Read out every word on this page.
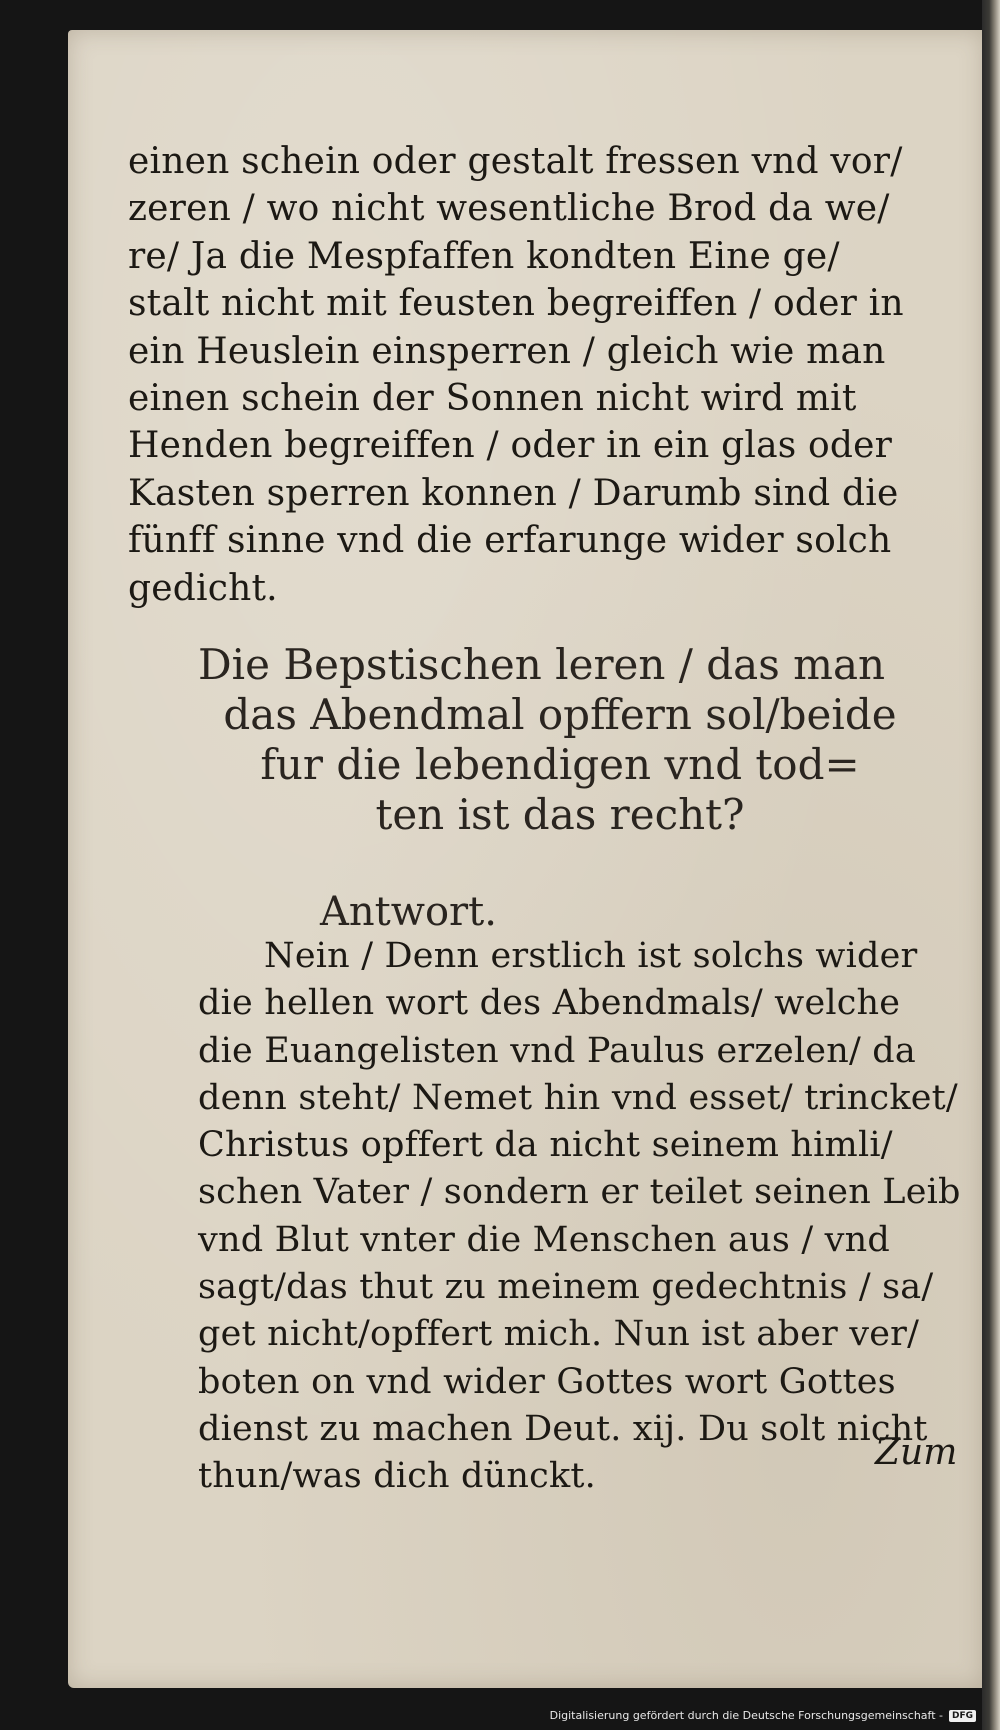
einen schein oder gestalt fressen vnd vor/
zeren / wo nicht wesentliche Brod da we/
re/ Ja die Mespfaffen kondten Eine ge/
stalt nicht mit feusten begreiffen / oder in
ein Heuslein einsperren / gleich wie man
einen schein der Sonnen nicht wird mit
Henden begreiffen / oder in ein glas oder
Kasten sperren konnen / Darumb sind die
fünff sinne vnd die erfarunge wider solch
gedicht.
Die Bepstischen leren / das man
das Abendmal opffern sol/beide
fur die lebendigen vnd tod=
ten ist das recht?
Antwort.
Nein / Denn erstlich ist solchs wider
die hellen wort des Abendmals/ welche
die Euangelisten vnd Paulus erzelen/ da
denn steht/ Nemet hin vnd esset/ trincket/
Christus opffert da nicht seinem himli/
schen Vater / sondern er teilet seinen Leib
vnd Blut vnter die Menschen aus / vnd
sagt/das thut zu meinem gedechtnis / sa/
get nicht/opffert mich. Nun ist aber ver/
boten on vnd wider Gottes wort Gottes
dienst zu machen Deut. xij. Du solt nicht
thun/was dich dünckt.
Zum
Digitalisierung gefördert durch die Deutsche Forschungsgemeinschaft -	DFG
